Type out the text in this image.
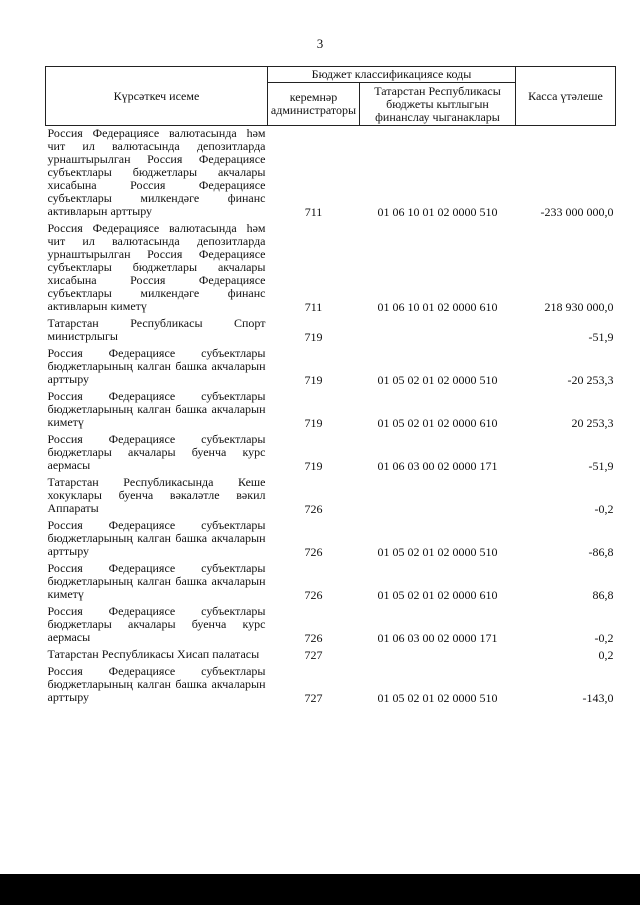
3
Күрсәткеч исеме	Бюджет классификациясе коды		Касса үтәлеше
	керемнәр администраторы	Татарстан Республикасы бюджеты кытлыгын финанслау чыганаклары	
Россия Федерациясе валютасында һәм чит ил валютасында депозитларда урнаштырылган Россия Федерациясе субъектлары бюджетлары акчалары хисабына Россия Федерациясе субъектлары милкендәге финанс активларын арттыру	711	01 06 10 01 02 0000 510	-233 000 000,0
Россия Федерациясе валютасында һәм чит ил валютасында депозитларда урнаштырылган Россия Федерациясе субъектлары бюджетлары акчалары хисабына Россия Федерациясе субъектлары милкендәге финанс активларын киметү	711	01 06 10 01 02 0000 610	218 930 000,0
Татарстан Республикасы Спорт министрлыгы	719		-51,9
Россия Федерациясе субъектлары бюджетларының калган башка акчаларын арттыру	719	01 05 02 01 02 0000 510	-20 253,3
Россия Федерациясе субъектлары бюджетларының калган башка акчаларын киметү	719	01 05 02 01 02 0000 610	20 253,3
Россия Федерациясе субъектлары бюджетлары акчалары буенча курс аермасы	719	01 06 03 00 02 0000 171	-51,9
Татарстан Республикасында Кеше хокуклары буенча вәкаләтле вәкил Аппараты	726		-0,2
Россия Федерациясе субъектлары бюджетларының калган башка акчаларын арттыру	726	01 05 02 01 02 0000 510	-86,8
Россия Федерациясе субъектлары бюджетларының калган башка акчаларын киметү	726	01 05 02 01 02 0000 610	86,8
Россия Федерациясе субъектлары бюджетлары акчалары буенча курс аермасы	726	01 06 03 00 02 0000 171	-0,2
Татарстан Республикасы Хисап палатасы	727		0,2
Россия Федерациясе субъектлары бюджетларының калган башка акчаларын арттыру	727	01 05 02 01 02 0000 510	-143,0
